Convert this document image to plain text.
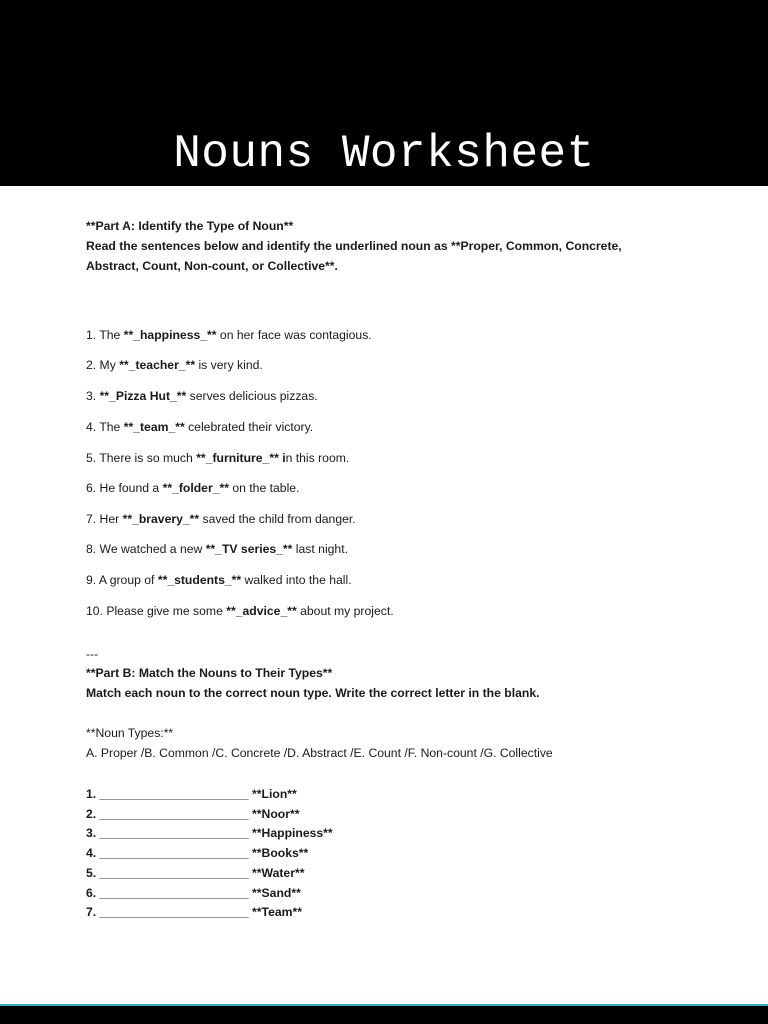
Nouns Worksheet
**Part A: Identify the Type of Noun**
Read the sentences below and identify the underlined noun as **Proper, Common, Concrete,
Abstract, Count, Non-count, or Collective**.
1. The **_happiness_** on her face was contagious.
2. My **_teacher_** is very kind.
3. **_Pizza Hut_** serves delicious pizzas.
4. The **_team_** celebrated their victory.
5. There is so much **_furniture_** in this room.
6. He found a **_folder_** on the table.
7. Her **_bravery_** saved the child from danger.
8. We watched a new **_TV series_** last night.
9. A group of **_students_** walked into the hall.
10. Please give me some **_advice_** about my project.
---
**Part B: Match the Nouns to Their Types**
Match each noun to the correct noun type. Write the correct letter in the blank.
**Noun Types:**
A. Proper /B. Common /C. Concrete /D. Abstract /E. Count /F. Non-count /G. Collective
1. ______________________ **Lion**
2. ______________________ **Noor**
3. ______________________ **Happiness**
4. ______________________ **Books**
5. ______________________ **Water**
6. ______________________ **Sand**
7. ______________________ **Team**
